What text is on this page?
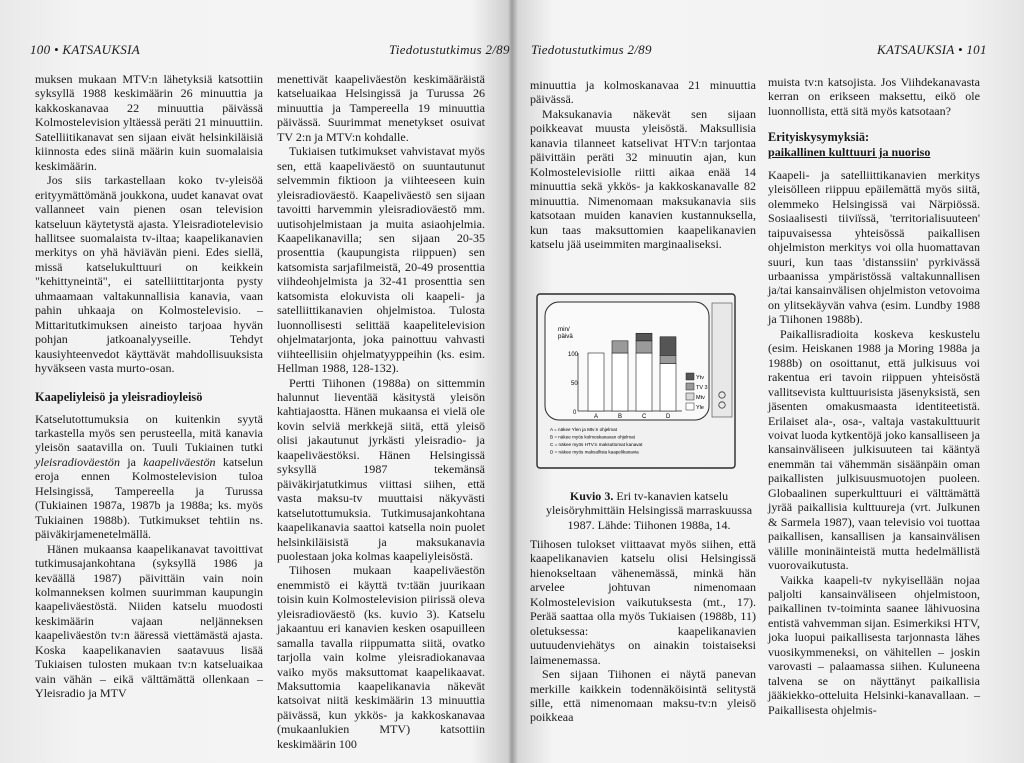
100 • KATSAUKSIA	Tiedotustutkimus 2/89

muksen mukaan MTV:n lähetyksiä katsottiin syksyllä 1988 keskimäärin 26 minuuttia ja kakkoskanavaa 22 minuuttia päivässä Kolmostelevision yltäessä peräti 21 minuuttiin. Satelliitikanavat sen sijaan eivät helsinkiläisiä kiinnosta edes siinä määrin kuin suomalaisia keskimäärin.

Jos siis tarkastellaan koko tv-yleisöä erityymättömänä joukkona, uudet kanavat ovat vallanneet vain pienen osan television katseluun käytetystä ajasta. Yleisradiotelevisio hallitsee suomalaista tv-iltaa; kaapelikanavien merkitys on yhä häviävän pieni. Edes siellä, missä katselukulttuuri on keikkein "kehittyneintä", ei satelliittitarjonta pysty uhmaamaan valtakunnallisia kanavia, vaan pahin uhkaaja on Kolmostelevisio. – Mittaritutkimuksen aineisto tarjoaa hyvän pohjan jatkoanalyyseille. Tehdyt kausiyhteenvedot käyttävät mahdollisuuksista hyväkseen vasta murto-osan.

Kaapeliyleisö ja yleisradioyleisö

Katselutottumuksia on kuitenkin syytä tarkastella myös sen perusteella, mitä kanavia yleisön saatavilla on. Tuuli Tukiainen tutki yleisradioväestön ja kaapeliväestön katselun eroja ennen Kolmostelevision tuloa Helsingissä, Tampereella ja Turussa (Tukiainen 1987a, 1987b ja 1988a; ks. myös Tukiainen 1988b). Tutkimukset tehtiin ns. päiväkirjamenetelmällä.

Hänen mukaansa kaapelikanavat tavoittivat tutkimusajankohtana (syksyllä 1986 ja keväällä 1987) päivittäin vain noin kolmanneksen kolmen suurimman kaupungin kaapeliväestöstä. Niiden katselu muodosti keskimäärin vajaan neljänneksen kaapeliväestön tv:n ääressä viettämästä ajasta. Koska kaapelikanavien saatavuus lisää Tukiaisen tulosten mukaan tv:n katseluaikaa vain vähän – eikä välttämättä ollenkaan – Yleisradio ja MTV

menettivät kaapeliväestön keskimääräistä katseluaikaa Helsingissä ja Turussa 26 minuuttia ja Tampereella 19 minuuttia päivässä. Suurimmat menetykset osuivat TV 2:n ja MTV:n kohdalle.

Tukiaisen tutkimukset vahvistavat myös sen, että kaapeliväestö on suuntautunut selvemmin fiktioon ja viihteeseen kuin yleisradioväestö. Kaapeliväestö sen sijaan tavoitti harvemmin yleisradioväestö mm. uutisohjelmistaan ja muita asiaohjelmia. Kaapelikanavilla; sen sijaan 20-35 prosenttia (kaupungista riippuen) sen katsomista sarjafilmeistä, 20-49 prosenttia viihdeohjelmista ja 32-41 prosenttia sen katsomista elokuvista oli kaapeli- ja satelliittikanavien ohjelmistoa. Tulosta luonnollisesti selittää kaapelitelevision ohjelmatarjonta, joka painottuu vahvasti viihteellisiin ohjelmatyyppeihin (ks. esim. Hellman 1988, 128-132).

Pertti Tiihonen (1988a) on sittemmin halunnut lieventää käsitystä yleisön kahtiajaostta. Hänen mukaansa ei vielä ole kovin selviä merkkejä siitä, että yleisö olisi jakautunut jyrkästi yleisradio- ja kaapeliväestöksi. Hänen Helsingissä syksyllä 1987 tekemänsä päiväkirjatutkimus viittasi siihen, että vasta maksu-tv muuttaisi näkyvästi katselutottumuksia. Tutkimusajankohtana kaapelikanavia saattoi katsella noin puolet helsinkiläisistä ja maksukanavia puolestaan joka kolmas kaapeliyleisöstä.

Tiihosen mukaan kaapeliväestön enemmistö ei käyttä tv:tään juurikaan toisin kuin Kolmostelevision piirissä oleva yleisradioväestö (ks. kuvio 3). Katselu jakaantuu eri kanavien kesken osapuilleen samalla tavalla riippumatta siitä, ovatko tarjolla vain kolme yleisradiokanavaa vaiko myös maksuttomat kaapelikaavat. Maksuttomia kaapelikanavia näkevät katsoivat niitä keskimäärin 13 minuuttia päivässä, kun ykkös- ja kakkoskanavaa (mukaanlukien MTV) katsottiin keskimäärin 100

Tiedotustutkimus 2/89	KATSAUKSIA • 101

minuuttia ja kolmoskanavaa 21 minuuttia päivässä.

Maksukanavia näkevät sen sijaan poikkeavat muusta yleisöstä. Maksullisia kanavia tilanneet katselivat HTV:n tarjontaa päivittäin peräti 32 minuutin ajan, kun Kolmostelevisiolle riitti aikaa enää 14 minuuttia sekä ykkös- ja kakkoskanavalle 82 minuuttia. Nimenomaan maksukanavia siis katsotaan muiden kanavien kustannuksella, kun taas maksuttomien kaapelikanavien katselu jää useimmiten marginaaliseksi.

min/ päivä
100
50
0
A	B	C	D
Ytv
TV 3
Mtv
Yle
A = näkee Ylen ja Mtv:n ohjelmat
B = näkee myös kolmoskanavan ohjelmat
C = näkee myös HTV:n maksuttomat kanavat
D = näkee myös maksullisia kaapelikanavia
Kuvio 3. Eri tv-kanavien katselu yleisöryhmittäin Helsingissä marraskuussa 1987. Lähde: Tiihonen 1988a, 14.

Tiihosen tulokset viittaavat myös siihen, että kaapelikanavien katselu olisi Helsingissä hienokseltaan vähenemässä, minkä hän arvelee johtuvan nimenomaan Kolmostelevision vaikutuksesta (mt., 17). Perää saattaa olla myös Tukiaisen (1988b, 11) oletuksessa: kaapelikanavien uutuudenviehätys on ainakin toistaiseksi laimenemassa.

Sen sijaan Tiihonen ei näytä panevan merkille kaikkein todennäköisintä selitystä sille, että nimenomaan maksu-tv:n yleisö poikkeaa

muista tv:n katsojista. Jos Viihdekanavasta kerran on erikseen maksettu, eikö ole luonnollista, että sitä myös katsotaan?

Erityiskysymyksiä:
paikallinen kulttuuri ja nuoriso

Kaapeli- ja satelliittikanavien merkitys yleisölleen riippuu epäilemättä myös siitä, olemmeko Helsingissä vai Närpiössä. Sosiaalisesti tiiviïssä, 'territorialisuuteen' taipuvaisessa yhteisössä paikallisen ohjelmiston merkitys voi olla huomattavan suuri, kun taas 'distanssiin' pyrkivässä urbaanissa ympäristössä valtakunnallisen ja/tai kansainvälisen ohjelmiston vetovoima on ylitsekäyvän vahva (esim. Lundby 1988 ja Tiihonen 1988b).

Paikallisradioita koskeva keskustelu (esim. Heiskanen 1988 ja Moring 1988a ja 1988b) on osoittanut, että julkisuus voi rakentua eri tavoin riippuen yhteisöstä vallitsevista kulttuurisista jäsenyksistä, sen jäsenten omakusmaasta identiteetistä. Erilaiset ala-, osa-, valtaja vastakulttuurit voivat luoda kytkentöjä joko kansalliseen ja kansainväliseen julkisuuteen tai kääntyä enemmän tai vähemmän sisäänpäin oman paikallisten julkisuusmuotojen puoleen. Globaalinen superkulttuuri ei välttämättä jyrää paikallisia kulttuureja (vrt. Julkunen & Sarmela 1987), vaan televisio voi tuottaa paikallisen, kansallisen ja kansainvälisen välille moninäinteistä mutta hedelmällistä vuorovaikutusta.

Vaikka kaapeli-tv nykyisellään nojaa paljolti kansainväliseen ohjelmistoon, paikallinen tv-toiminta saanee lähivuosina entistä vahvemman sijan. Esimerkiksi HTV, joka luopui paikallisesta tarjonnasta lähes vuosikymmeneksi, on vähitellen – joskin varovasti – palaamassa siihen. Kuluneena talvena se on näyttänyt paikallisia jääkiekko-otteluita Helsinki-kanavallaan. – Paikallisesta ohjelmis-
